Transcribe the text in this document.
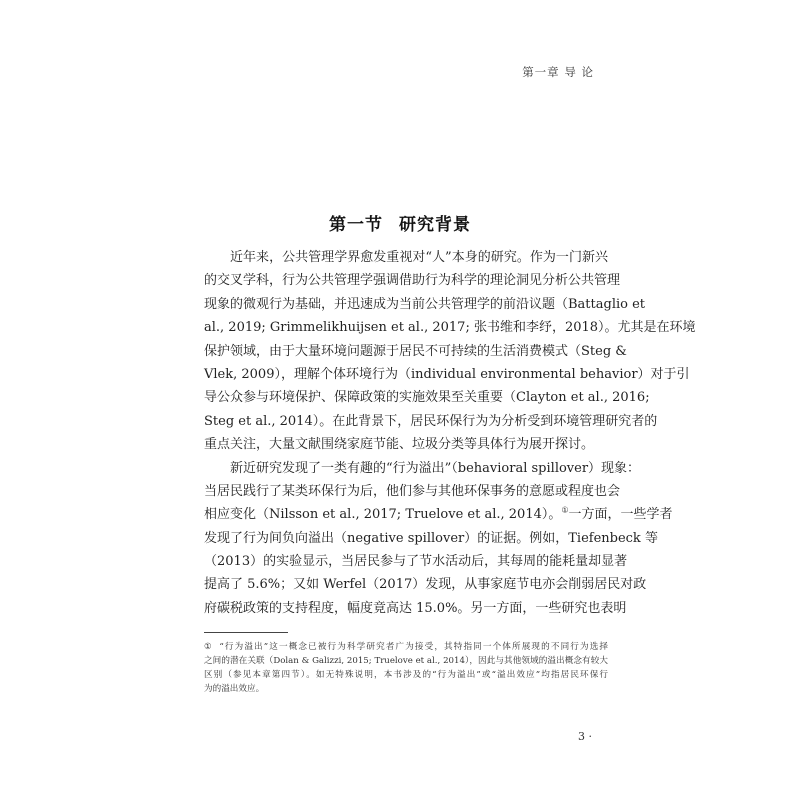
第一章 导 论
第一节 研究背景
近年来，公共管理学界愈发重视对“人”本身的研究。作为一门新兴
的交叉学科，行为公共管理学强调借助行为科学的理论洞见分析公共管理
现象的微观行为基础，并迅速成为当前公共管理学的前沿议题（Battaglio et
al., 2019; Grimmelikhuijsen et al., 2017; 张书维和李纾，2018）。尤其是在环境
保护领域，由于大量环境问题源于居民不可持续的生活消费模式（Steg &
Vlek, 2009），理解个体环境行为（individual environmental behavior）对于引
导公众参与环境保护、保障政策的实施效果至关重要（Clayton et al., 2016;
Steg et al., 2014）。在此背景下，居民环保行为为分析受到环境管理研究者的
重点关注，大量文献围绕家庭节能、垃圾分类等具体行为展开探讨。
新近研究发现了一类有趣的“行为溢出”（behavioral spillover）现象：
当居民践行了某类环保行为后，他们参与其他环保事务的意愿或程度也会
相应变化（Nilsson et al., 2017; Truelove et al., 2014）。①一方面，一些学者
发现了行为间负向溢出（negative spillover）的证据。例如，Tiefenbeck 等
（2013）的实验显示，当居民参与了节水活动后，其每周的能耗量却显著
提高了 5.6%；又如 Werfel（2017）发现，从事家庭节电亦会削弱居民对政
府碳税政策的支持程度，幅度竟高达 15.0%。另一方面，一些研究也表明
① “行为溢出”这一概念已被行为科学研究者广为接受，其特指同一个体所展现的不同行为选择
之间的潜在关联（Dolan & Galizzi, 2015; Truelove et al., 2014），因此与其他领域的溢出概念有较大
区别（参见本章第四节）。如无特殊说明，本书涉及的“行为溢出”或“溢出效应”均指居民环保行
为的溢出效应。
3 ·
